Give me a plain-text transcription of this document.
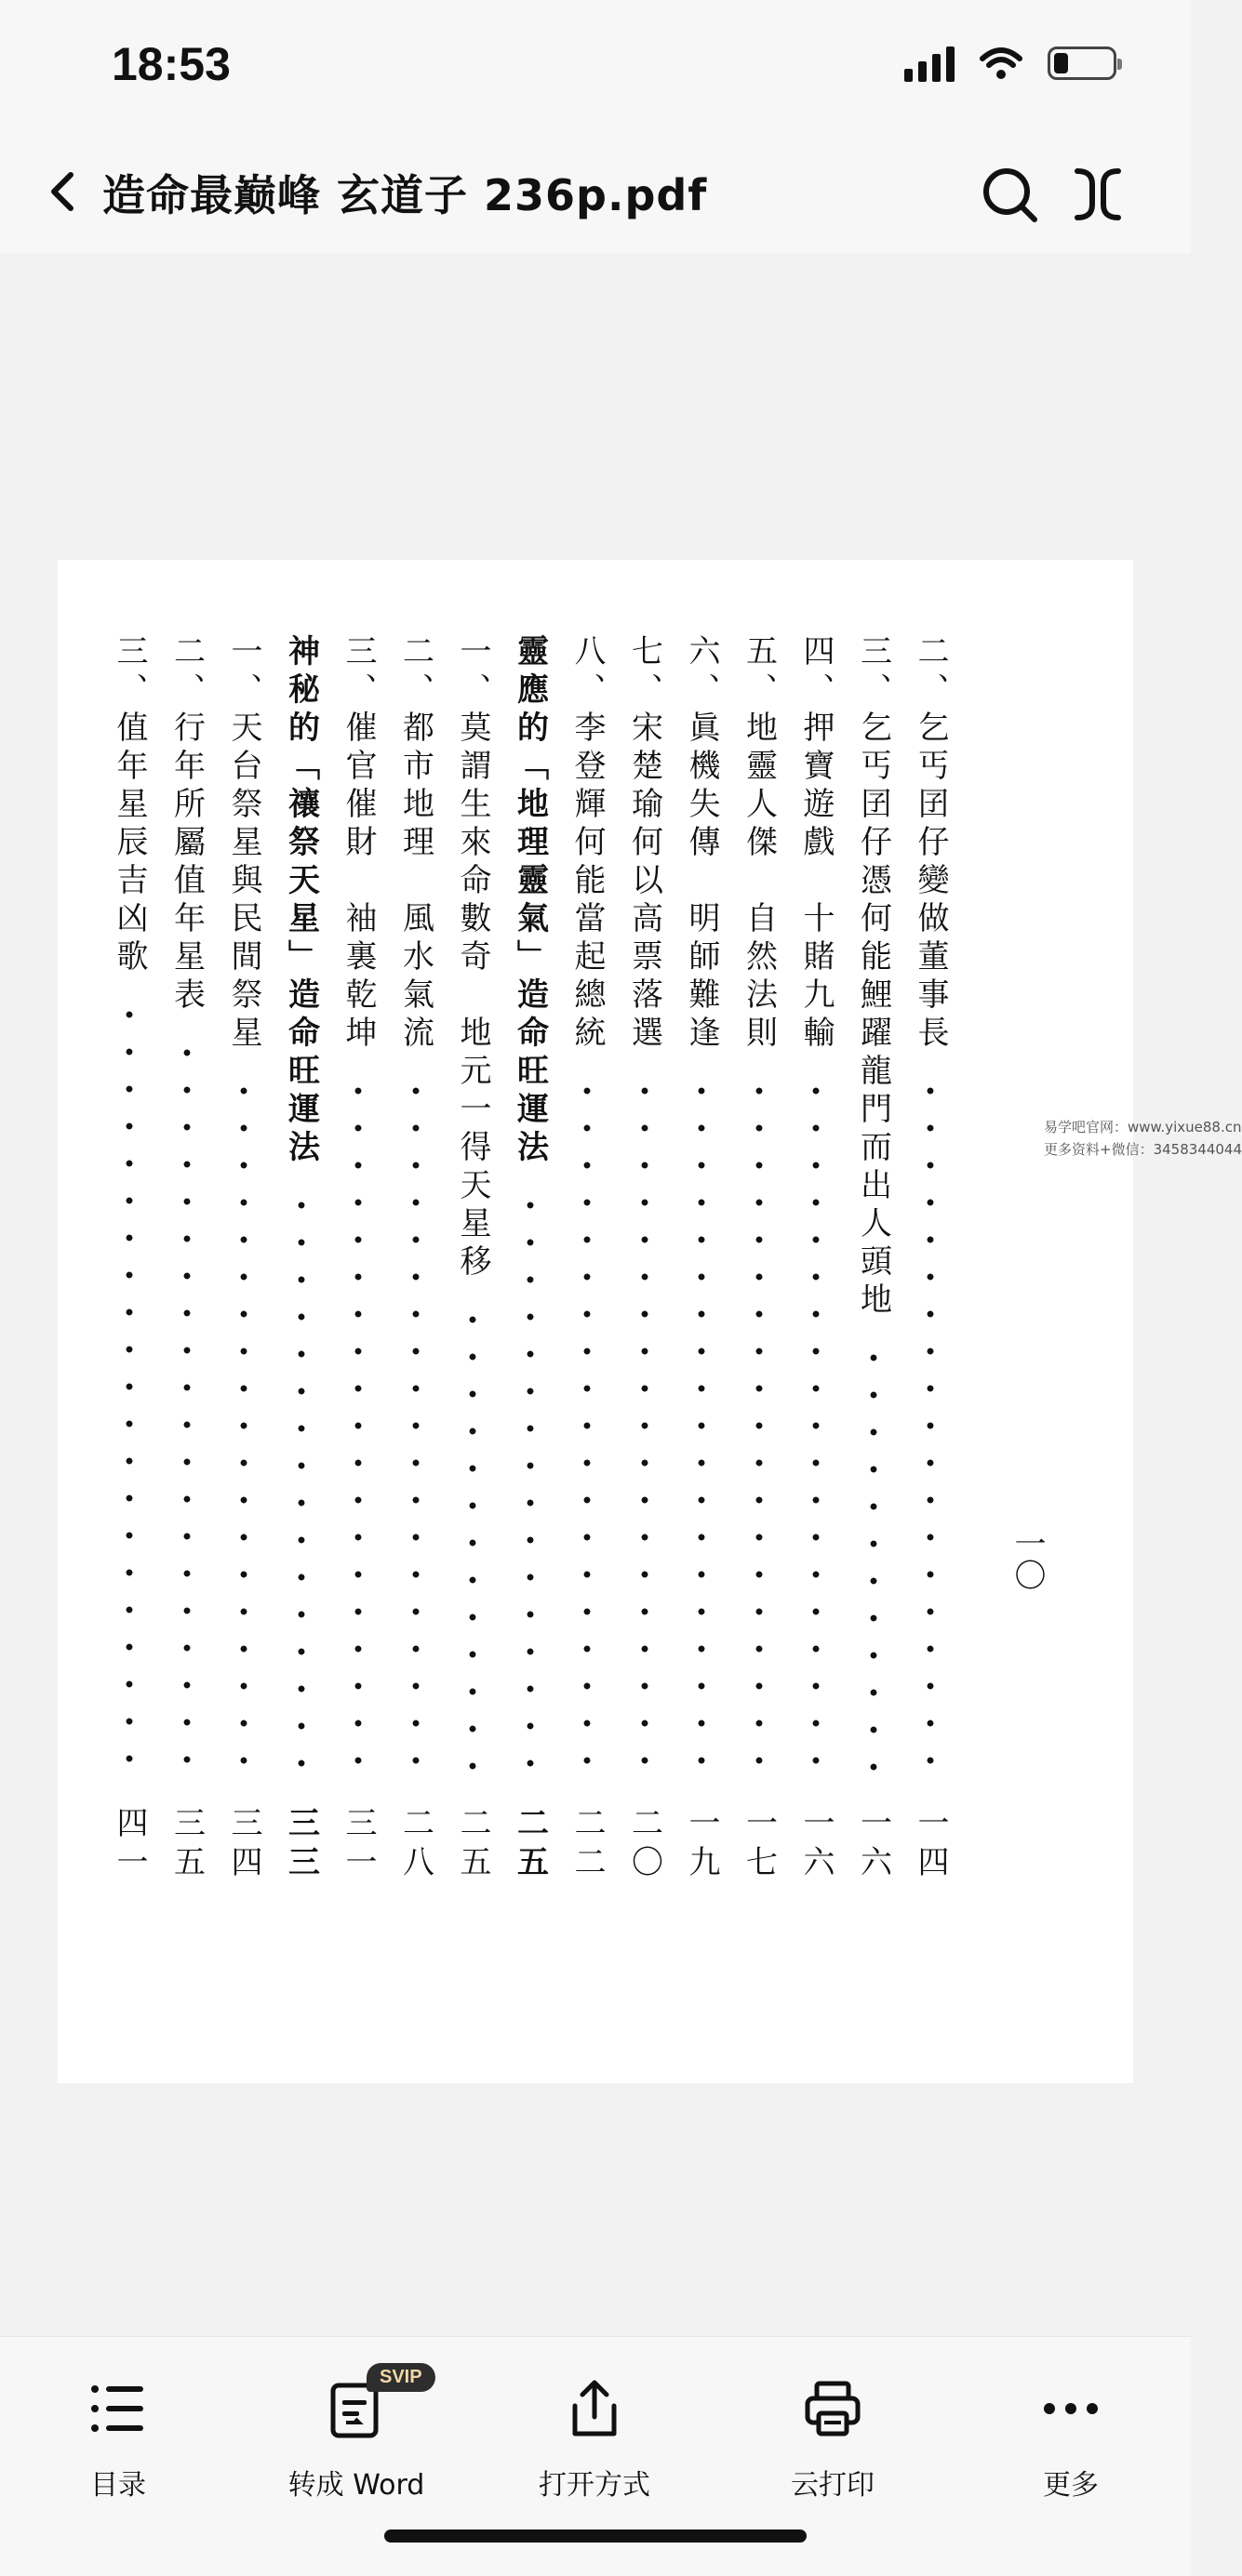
18:53
造命最巅峰 玄道子 236p.pdf
二、乞丐囝仔變做董事長
一四
三、乞丐囝仔憑何能鯉躍龍門而出人頭地
一六
四、押寶遊戲　十賭九輸
一六
五、地靈人傑　自然法則
一七
六、眞機失傳　明師難逢
一九
七、宋楚瑜何以高票落選
二〇
八、李登輝何能當起總統
二二
靈應的「地理靈氣」造命旺運法
二五
一、莫謂生來命數奇　地元一得天星移
二五
二、都市地理　風水氣流
二八
三、催官催財　袖裏乾坤
三一
神秘的「禳祭天星」造命旺運法
三三
一、天台祭星與民間祭星
三四
二、行年所屬值年星表
三五
三、值年星辰吉凶歌
四一
一〇
易学吧官网：www.yixue88.cn
更多资料+微信：3458344044
目录
SVIP
转成 Word	打开方式	云打印	更多
